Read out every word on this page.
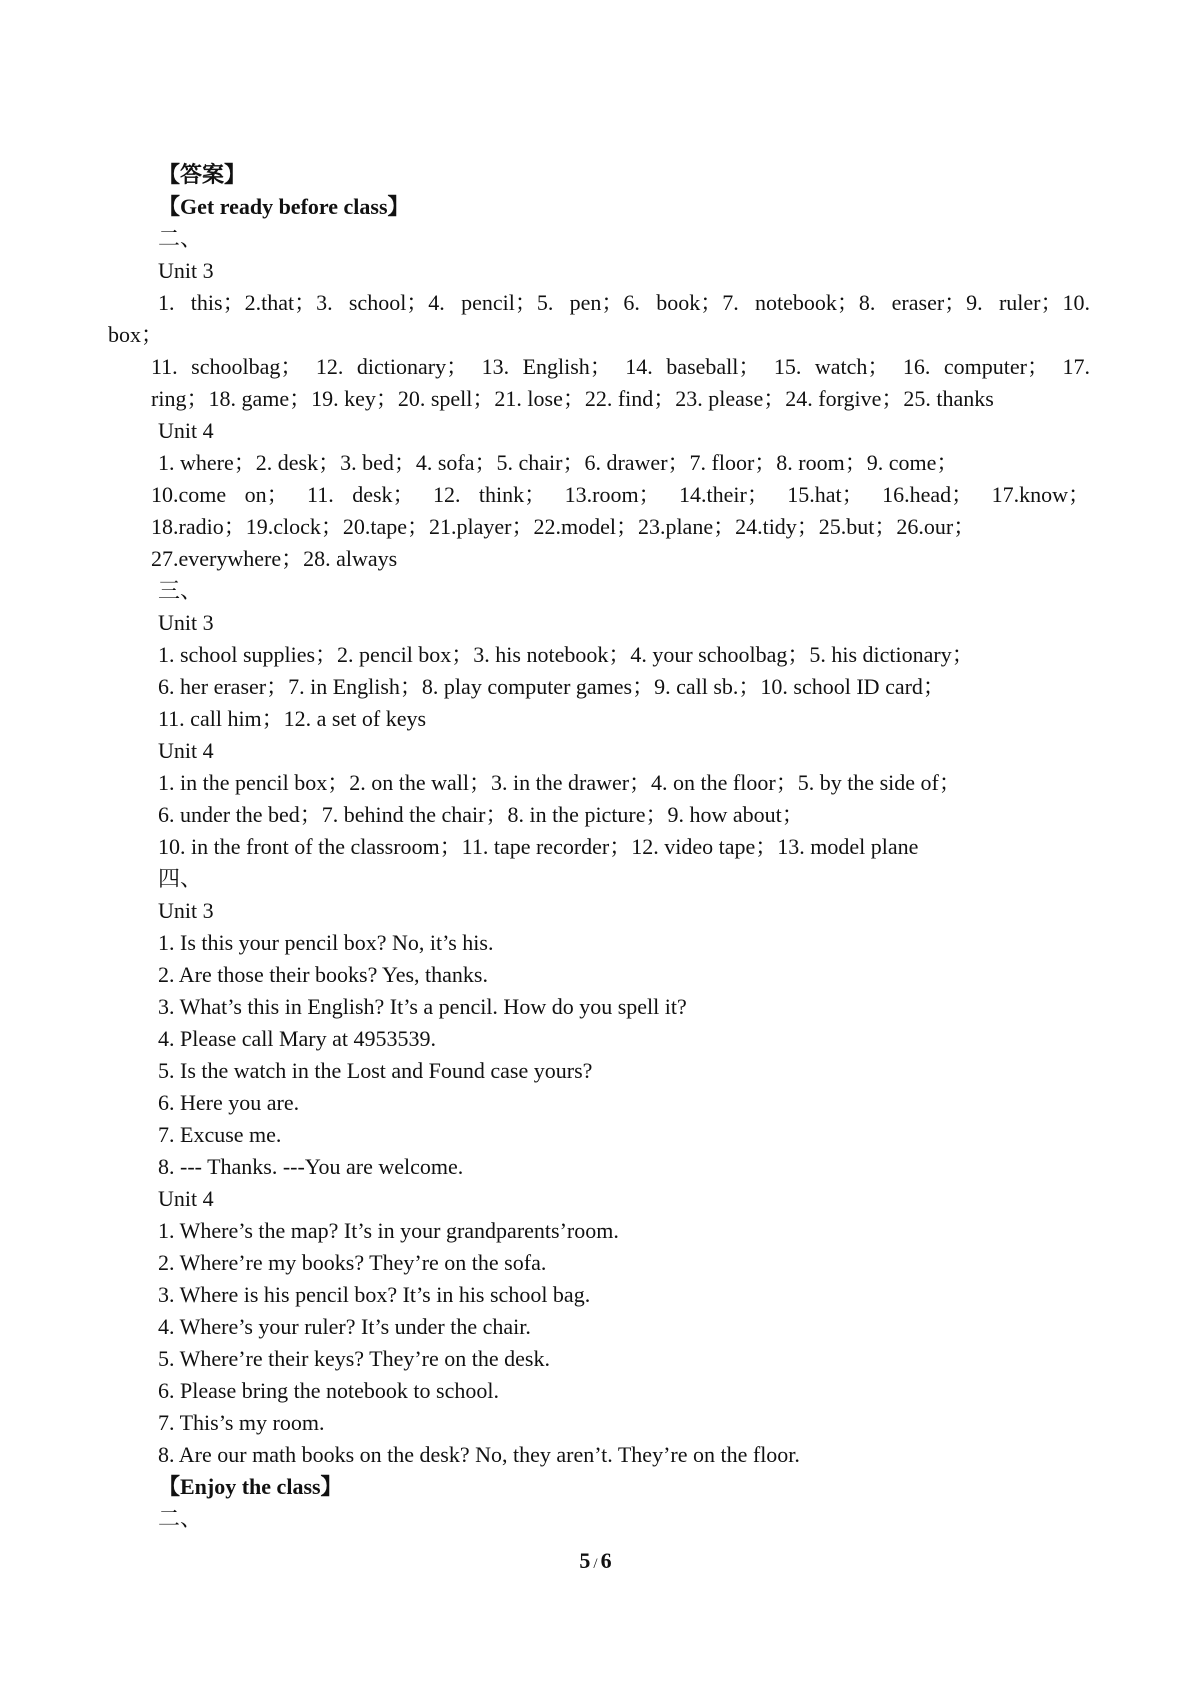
【答案】
【Get ready before class】
二、
Unit 3
1. this；2.that；3. school；4. pencil；5. pen；6. book；7. notebook；8. eraser；9. ruler；10.
box；
11. schoolbag； 12. dictionary； 13. English； 14. baseball； 15. watch； 16. computer； 17.
ring；18. game；19. key；20. spell；21. lose；22. find；23. please；24. forgive；25. thanks
Unit 4
1. where；2. desk；3. bed；4. sofa；5. chair；6. drawer；7. floor；8. room；9. come；
10.come on； 11. desk； 12. think； 13.room； 14.their； 15.hat； 16.head； 17.know；
18.radio；19.clock；20.tape；21.player；22.model；23.plane；24.tidy；25.but；26.our；
27.everywhere；28. always
三、
Unit 3
1. school supplies；2. pencil box；3. his notebook；4. your schoolbag；5. his dictionary；
6. her eraser；7. in English；8. play computer games；9. call sb.；10. school ID card；
11. call him；12. a set of keys
Unit 4
1. in the pencil box；2. on the wall；3. in the drawer；4. on the floor；5. by the side of；
6. under the bed；7. behind the chair；8. in the picture；9. how about；
10. in the front of the classroom；11. tape recorder；12. video tape；13. model plane
四、
Unit 3
1. Is this your pencil box? No, it’s his.
2. Are those their books? Yes, thanks.
3. What’s this in English? It’s a pencil. How do you spell it?
4. Please call Mary at 4953539.
5. Is the watch in the Lost and Found case yours?
6. Here you are.
7. Excuse me.
8. --- Thanks. ---You are welcome.
Unit 4
1. Where’s the map? It’s in your grandparents’room.
2. Where’re my books? They’re on the sofa.
3. Where is his pencil box? It’s in his school bag.
4. Where’s your ruler? It’s under the chair.
5. Where’re their keys? They’re on the desk.
6. Please bring the notebook to school.
7. This’s my room.
8. Are our math books on the desk? No, they aren’t. They’re on the floor.
【Enjoy the class】
二、
5 / 6
